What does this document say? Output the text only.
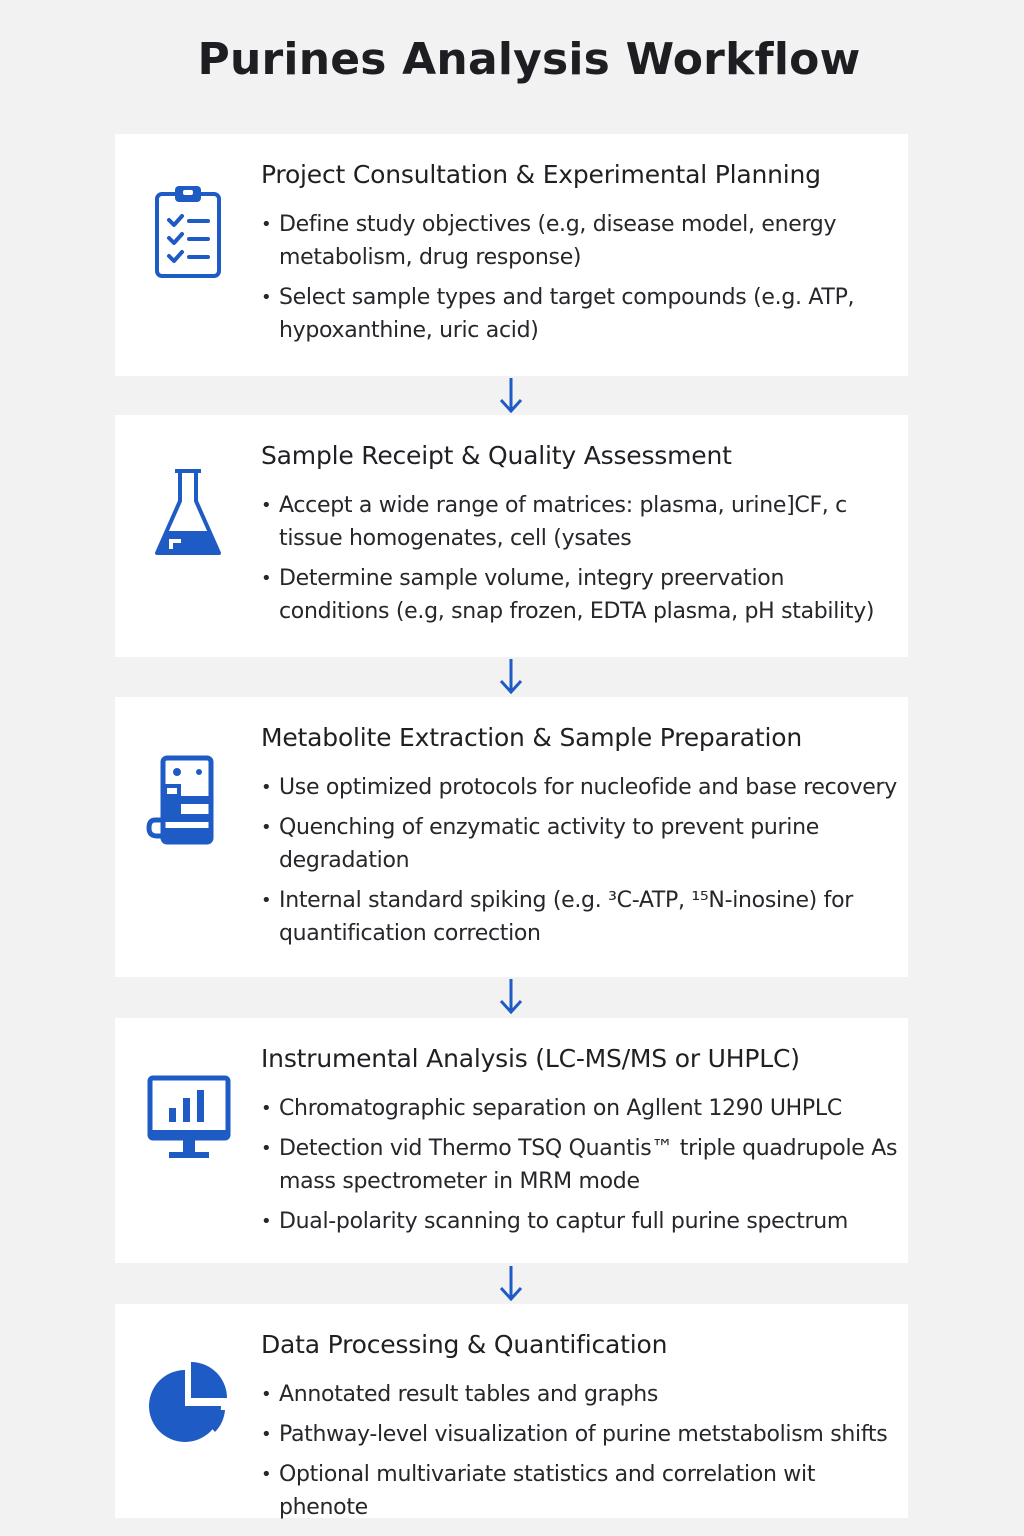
Purines Analysis Workflow
Project Consultation & Experimental Planning
• Define study objectives (e.g, disease model, energy metabolism, drug response)
• Select sample types and target compounds (e.g. ATP, hypoxanthine, uric acid)
Sample Receipt & Quality Assessment
• Accept a wide range of matrices: plasma, urine]CF, c tissue homogenates, cell (ysates
• Determine sample volume, integry preervation conditions (e.g, snap frozen, EDTA plasma, pH stability)
Metabolite Extraction & Sample Preparation
• Use optimized protocols for nucleofide and base recovery
• Quenching of enzymatic activity to prevent purine degradation
• Internal standard spiking (e.g. ³C-ATP, ¹⁵N-inosine) for quantification correction
Instrumental Analysis (LC-MS/MS or UHPLC)
• Chromatographic separation on Agllent 1290 UHPLC
• Detection vid Thermo TSQ Quantis™ triple quadrupole As mass spectrometer in MRM mode
• Dual-polarity scanning to captur full purine spectrum
Data Processing & Quantification
• Annotated result tables and graphs
• Pathway-level visualization of purine metstabolism shifts
• Optional multivariate statistics and correlation wit phenote
